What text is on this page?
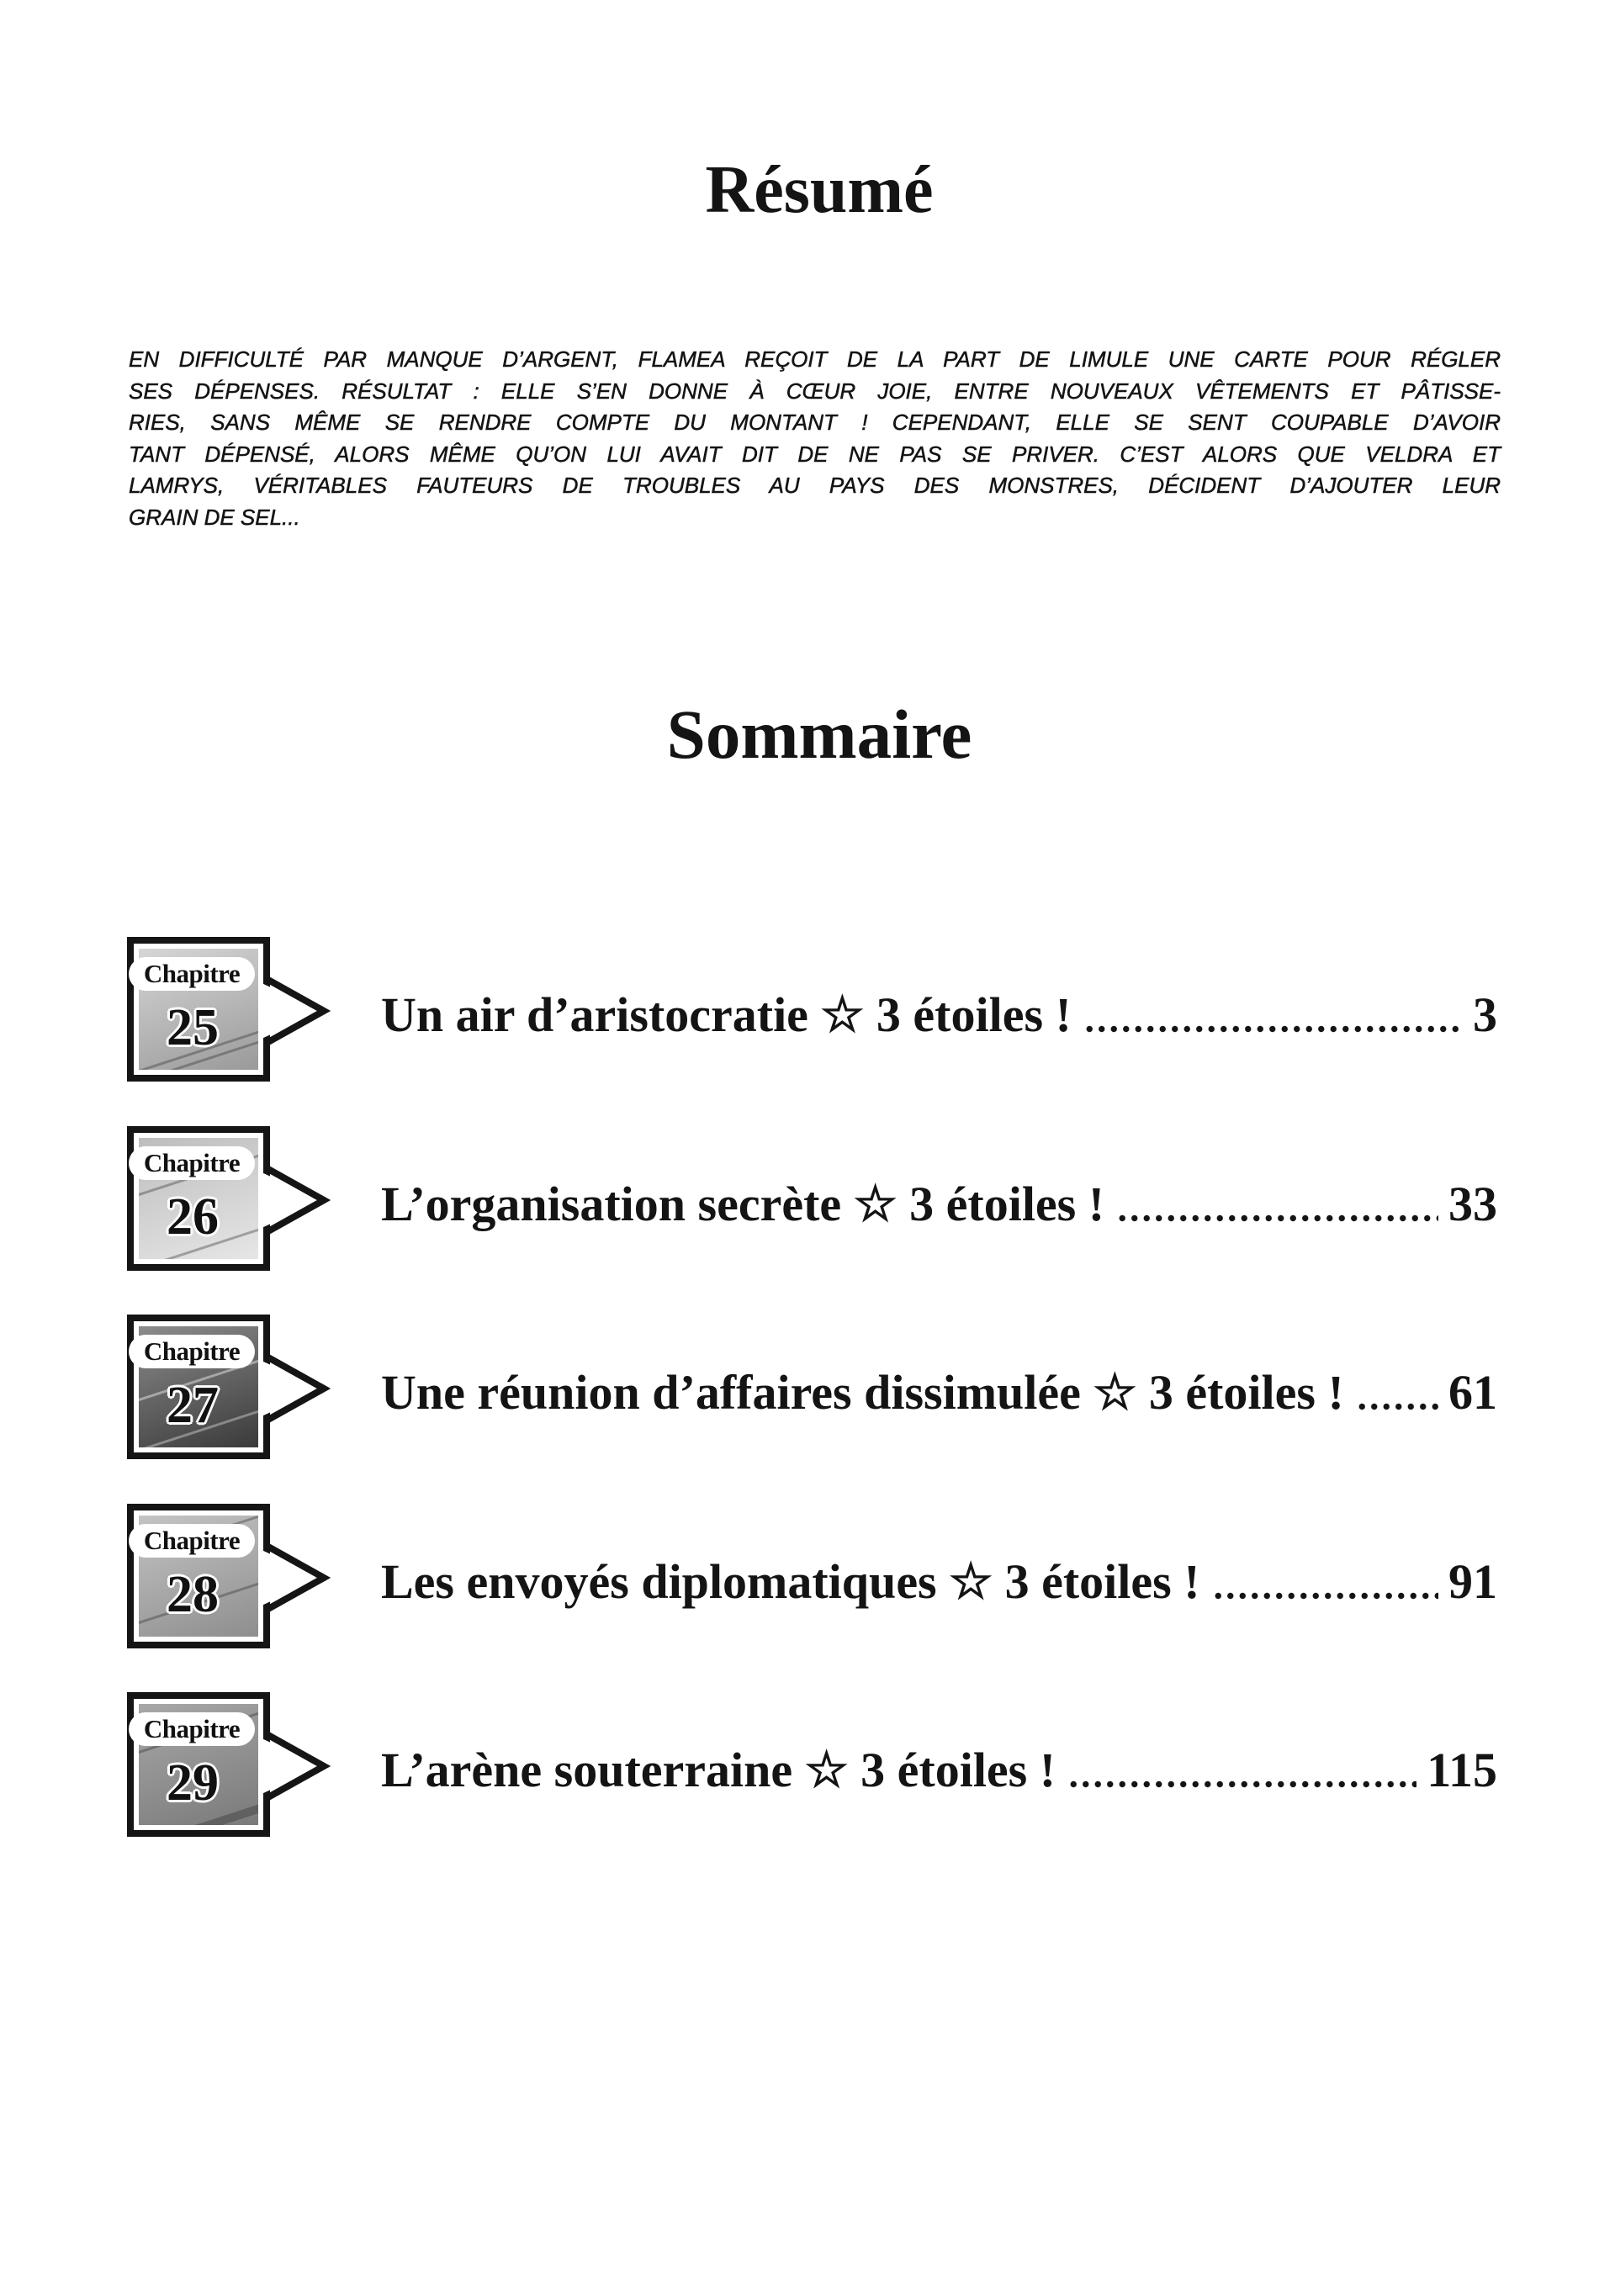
Résumé
EN DIFFICULTÉ PAR MANQUE D’ARGENT, FLAMEA REÇOIT DE LA PART DE LIMULE UNE CARTE POUR RÉGLER
SES DÉPENSES. RÉSULTAT : ELLE S’EN DONNE À CŒUR JOIE, ENTRE NOUVEAUX VÊTEMENTS ET PÂTISSE-
RIES, SANS MÊME SE RENDRE COMPTE DU MONTANT ! CEPENDANT, ELLE SE SENT COUPABLE D’AVOIR
TANT DÉPENSÉ, ALORS MÊME QU’ON LUI AVAIT DIT DE NE PAS SE PRIVER. C’EST ALORS QUE VELDRA ET
LAMRYS, VÉRITABLES FAUTEURS DE TROUBLES AU PAYS DES MONSTRES, DÉCIDENT D’AJOUTER LEUR
GRAIN DE SEL...
Sommaire
Chapitre
25	Un air d’aristocratie ☆ 3 étoiles !	3
Chapitre
26	L’organisation secrète ☆ 3 étoiles !	33
Chapitre
27	Une réunion d’affaires dissimulée ☆ 3 étoiles ! 61
Chapitre
28	Les envoyés diplomatiques ☆ 3 étoiles !	91
Chapitre
29	L’arène souterraine ☆ 3 étoiles !	115
